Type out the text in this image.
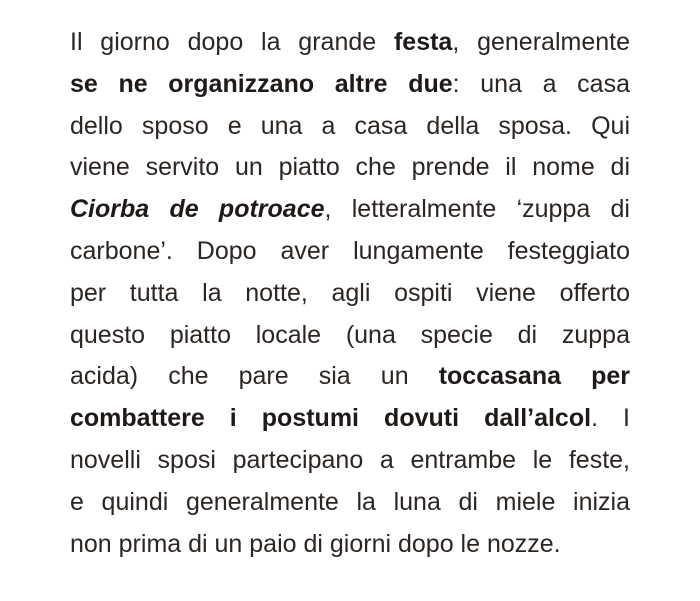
Il giorno dopo la grande festa, generalmente
se ne organizzano altre due: una a casa
dello sposo e una a casa della sposa. Qui
viene servito un piatto che prende il nome di
Ciorba de potroace, letteralmente ‘zuppa di
carbone’. Dopo aver lungamente festeggiato
per tutta la notte, agli ospiti viene offerto
questo piatto locale (una specie di zuppa
acida) che pare sia un toccasana per
combattere i postumi dovuti dall’alcol. I
novelli sposi partecipano a entrambe le feste,
e quindi generalmente la luna di miele inizia
non prima di un paio di giorni dopo le nozze.
